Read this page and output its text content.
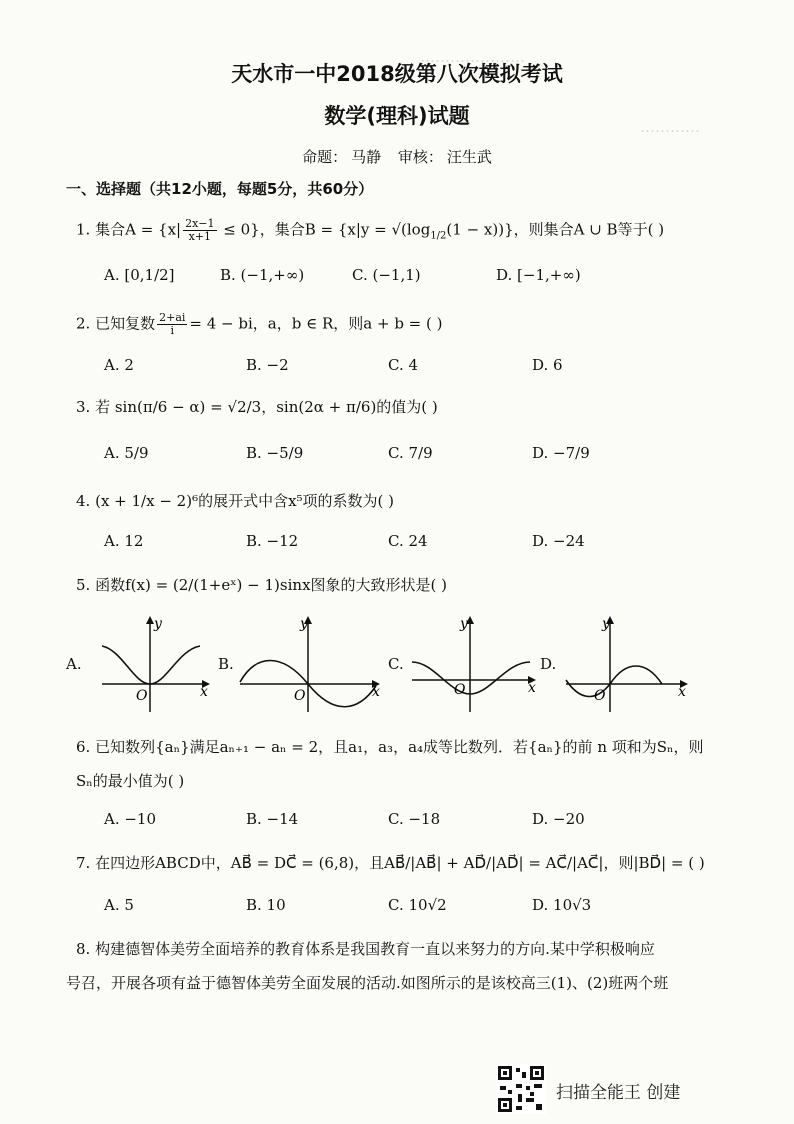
…………………
…………
天水市一中2018级第八次模拟考试
数学(理科)试题
命题： 马静 审核： 汪生武
一、选择题（共12小题，每题5分，共60分）
1. 集合$A = \{x| \frac{2x-1}{x+1} \le 0\}$，集合$B = \{x|y = √(\log_{1/2}(1 - x))\}$，则集合A ∪ B等于( )
A. [0,1/2]	B. (−1,+∞)	C. (−1,1)	D. [−1,+∞)
2. 已知复数 $\frac{2+ai}{i} = 4$ − bi，a，b ∈ R，则a + b = ( )
A. 2	B. −2	C. 4	D. 6
3. 若 sin(π/6 − α) = √2/3，sin(2α + π/6)的值为( )
A. 5/9	B. −5/9	C. 7/9	D. −7/9
4. (x + 1/x − 2)⁶的展开式中含x⁵项的系数为( )
A. 12	B. −12	C. 24	D. −24
5. 函数f(x) = (2/(1+eˣ) − 1)sinx图象的大致形状是( )
A.
y
x
O
B.
y
x
O
C.
y
x
O
D.
y
x
O
6. 已知数列{aₙ}满足aₙ₊₁ − aₙ = 2，且a₁，a₃，a₄成等比数列．若{aₙ}的前 n 项和为Sₙ，则
Sₙ的最小值为( )
A. −10	B. −14	C. −18	D. −20
7. 在四边形ABCD中，AB⃗ = DC⃗ = (6,8)，且AB⃗/|AB⃗| + AD⃗/|AD⃗| = AC⃗/|AC⃗|，则|BD⃗| = ( )
A. 5	B. 10	C. 10√2	D. 10√3
8. 构建德智体美劳全面培养的教育体系是我国教育一直以来努力的方向.某中学积极响应
号召，开展各项有益于德智体美劳全面发展的活动.如图所示的是该校高三(1)、(2)班两个班
扫描全能王 创建
